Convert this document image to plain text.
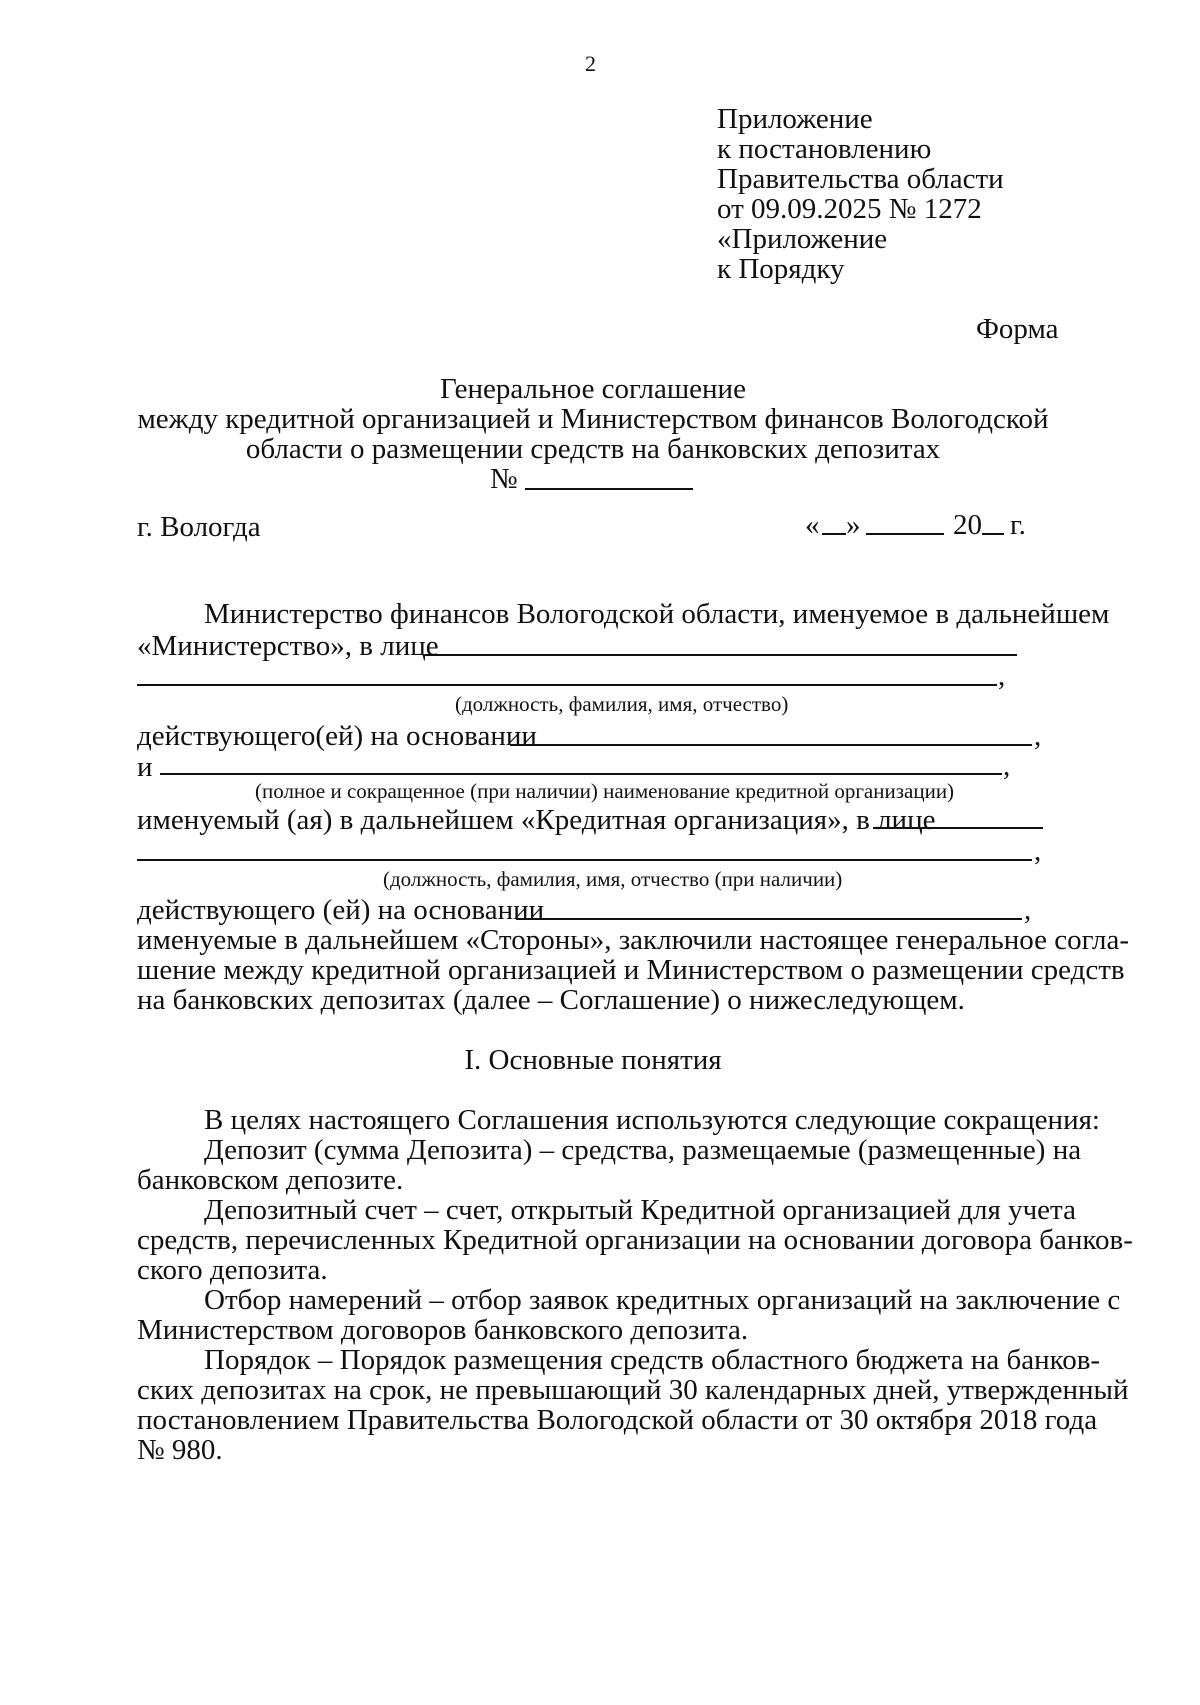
2
Приложение
к постановлению
Правительства области
от 09.09.2025 № 1272
«Приложение
к Порядку
Форма
Генеральное соглашение
между кредитной организацией и Министерством финансов Вологодской
области о размещении средств на банковских депозитах
№
г. Вологда	« »	20 г.
Министерство финансов Вологодской области, именуемое в дальнейшем
«Министерство», в лице
,
(должность, фамилия, имя, отчество)
действующего(ей) на основании	,
и	,
(полное и сокращенное (при наличии) наименование кредитной организации)
именуемый (ая) в дальнейшем «Кредитная организация», в лице
,
(должность, фамилия, имя, отчество (при наличии)
действующего (ей) на основании	,
именуемые в дальнейшем «Стороны», заключили настоящее генеральное согла-
шение между кредитной организацией и Министерством о размещении средств
на банковских депозитах (далее – Соглашение) о нижеследующем.
I. Основные понятия
В целях настоящего Соглашения используются следующие сокращения:
Депозит (сумма Депозита) – средства, размещаемые (размещенные) на
банковском депозите.
Депозитный счет – счет, открытый Кредитной организацией для учета
средств, перечисленных Кредитной организации на основании договора банков-
ского депозита.
Отбор намерений – отбор заявок кредитных организаций на заключение с
Министерством договоров банковского депозита.
Порядок – Порядок размещения средств областного бюджета на банков-
ских депозитах на срок, не превышающий 30 календарных дней, утвержденный
постановлением Правительства Вологодской области от 30 октября 2018 года
№ 980.
